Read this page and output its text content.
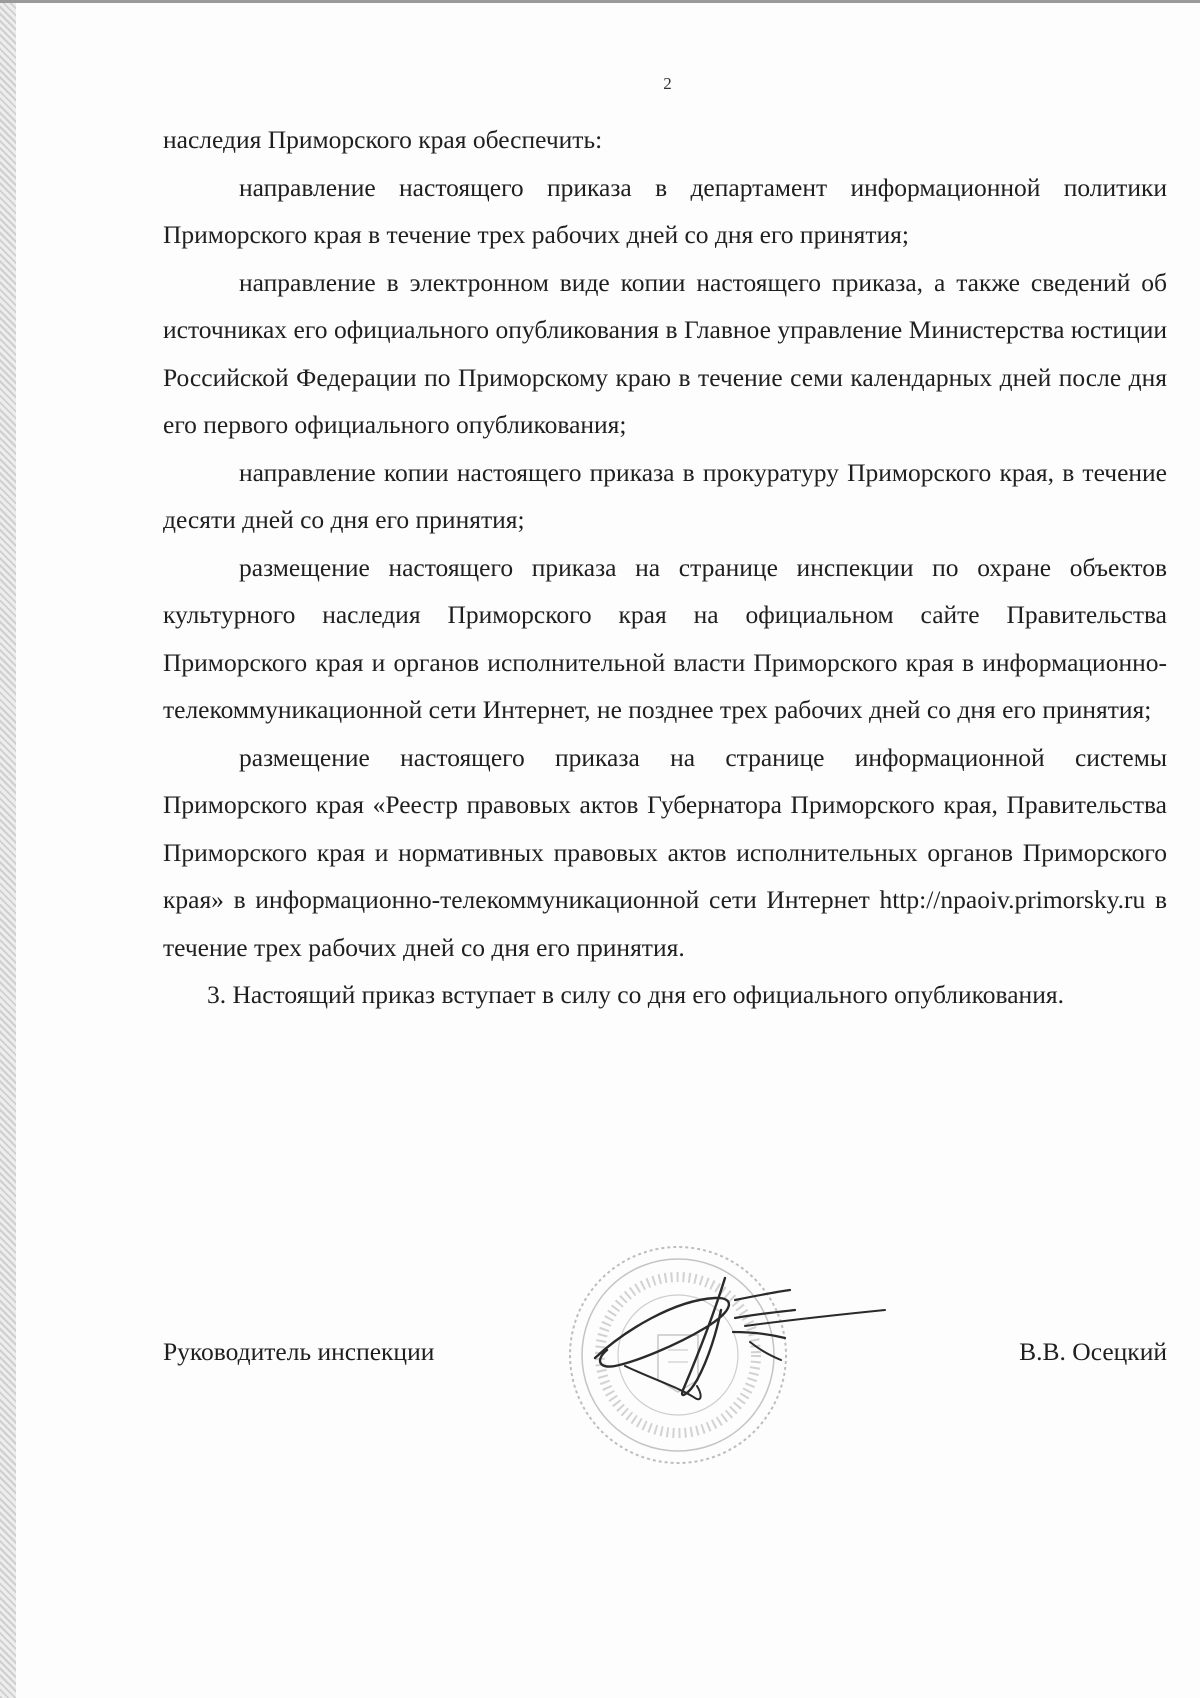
2

наследия Приморского края обеспечить:

направление настоящего приказа в департамент информационной политики Приморского края в течение трех рабочих дней со дня его принятия;

направление в электронном виде копии настоящего приказа, а также сведений об источниках его официального опубликования в Главное управление Министерства юстиции Российской Федерации по Приморскому краю в течение семи календарных дней после дня его первого официального опубликования;

направление копии настоящего приказа в прокуратуру Приморского края, в течение десяти дней со дня его принятия;

размещение настоящего приказа на странице инспекции по охране объектов культурного наследия Приморского края на официальном сайте Правительства Приморского края и органов исполнительной власти Приморского края в информационно-телекоммуникационной сети Интернет, не позднее трех рабочих дней со дня его принятия;

размещение настоящего приказа на странице информационной системы Приморского края «Реестр правовых актов Губернатора Приморского края, Правительства Приморского края и нормативных правовых актов исполнительных органов Приморского края» в информационно-телекоммуникационной сети Интернет http://npaoiv.primorsky.ru в течение трех рабочих дней со дня его принятия.

3. Настоящий приказ вступает в силу со дня его официального опубликования.

Руководитель инспекции	В.В. Осецкий
